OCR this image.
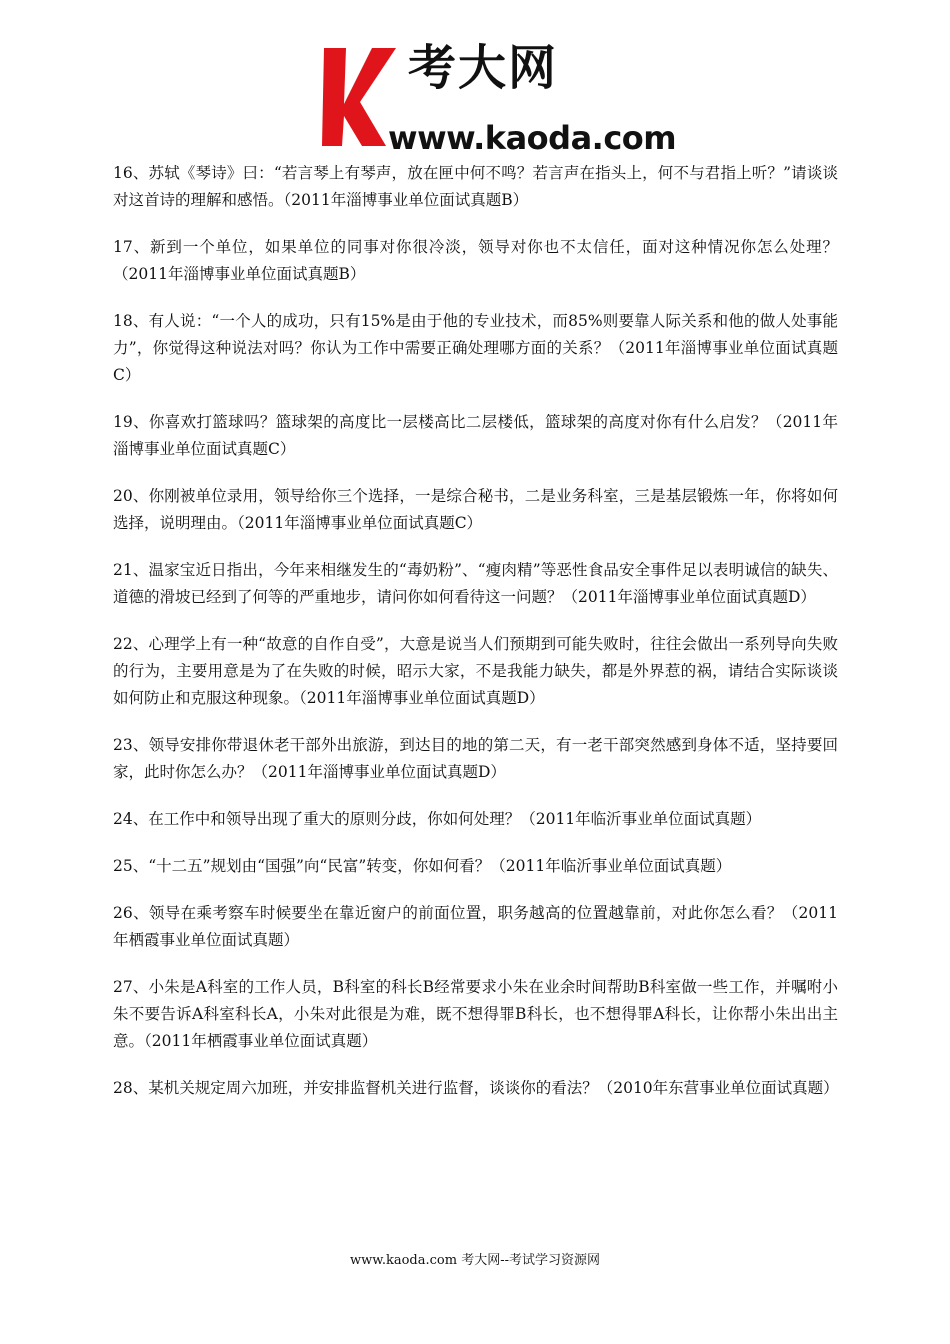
考大网
www.kaoda.com

16、苏轼《琴诗》曰：“若言琴上有琴声，放在匣中何不鸣？若言声在指头上，何不与君指上听？”请谈谈对这首诗的理解和感悟。（2011年淄博事业单位面试真题B）

17、新到一个单位，如果单位的同事对你很冷淡，领导对你也不太信任，面对这种情况你怎么处理？（2011年淄博事业单位面试真题B）

18、有人说：“一个人的成功，只有15%是由于他的专业技术，而85%则要靠人际关系和他的做人处事能力”，你觉得这种说法对吗？你认为工作中需要正确处理哪方面的关系？（2011年淄博事业单位面试真题C）

19、你喜欢打篮球吗？篮球架的高度比一层楼高比二层楼低，篮球架的高度对你有什么启发？（2011年淄博事业单位面试真题C）

20、你刚被单位录用，领导给你三个选择，一是综合秘书，二是业务科室，三是基层锻炼一年，你将如何选择，说明理由。（2011年淄博事业单位面试真题C）

21、温家宝近日指出，今年来相继发生的“毒奶粉”、“瘦肉精”等恶性食品安全事件足以表明诚信的缺失、道德的滑坡已经到了何等的严重地步，请问你如何看待这一问题？（2011年淄博事业单位面试真题D）

22、心理学上有一种“故意的自作自受”，大意是说当人们预期到可能失败时，往往会做出一系列导向失败的行为，主要用意是为了在失败的时候，昭示大家，不是我能力缺失，都是外界惹的祸，请结合实际谈谈如何防止和克服这种现象。（2011年淄博事业单位面试真题D）

23、领导安排你带退休老干部外出旅游，到达目的地的第二天，有一老干部突然感到身体不适，坚持要回家，此时你怎么办？（2011年淄博事业单位面试真题D）

24、在工作中和领导出现了重大的原则分歧，你如何处理？（2011年临沂事业单位面试真题）

25、“十二五”规划由“国强”向“民富”转变，你如何看？（2011年临沂事业单位面试真题）

26、领导在乘考察车时候要坐在靠近窗户的前面位置，职务越高的位置越靠前，对此你怎么看？（2011年栖霞事业单位面试真题）

27、小朱是A科室的工作人员，B科室的科长B经常要求小朱在业余时间帮助B科室做一些工作，并嘱咐小朱不要告诉A科室科长A，小朱对此很是为难，既不想得罪B科长，也不想得罪A科长，让你帮小朱出出主意。（2011年栖霞事业单位面试真题）

28、某机关规定周六加班，并安排监督机关进行监督，谈谈你的看法？（2010年东营事业单位面试真题）

www.kaoda.com 考大网--考试学习资源网
